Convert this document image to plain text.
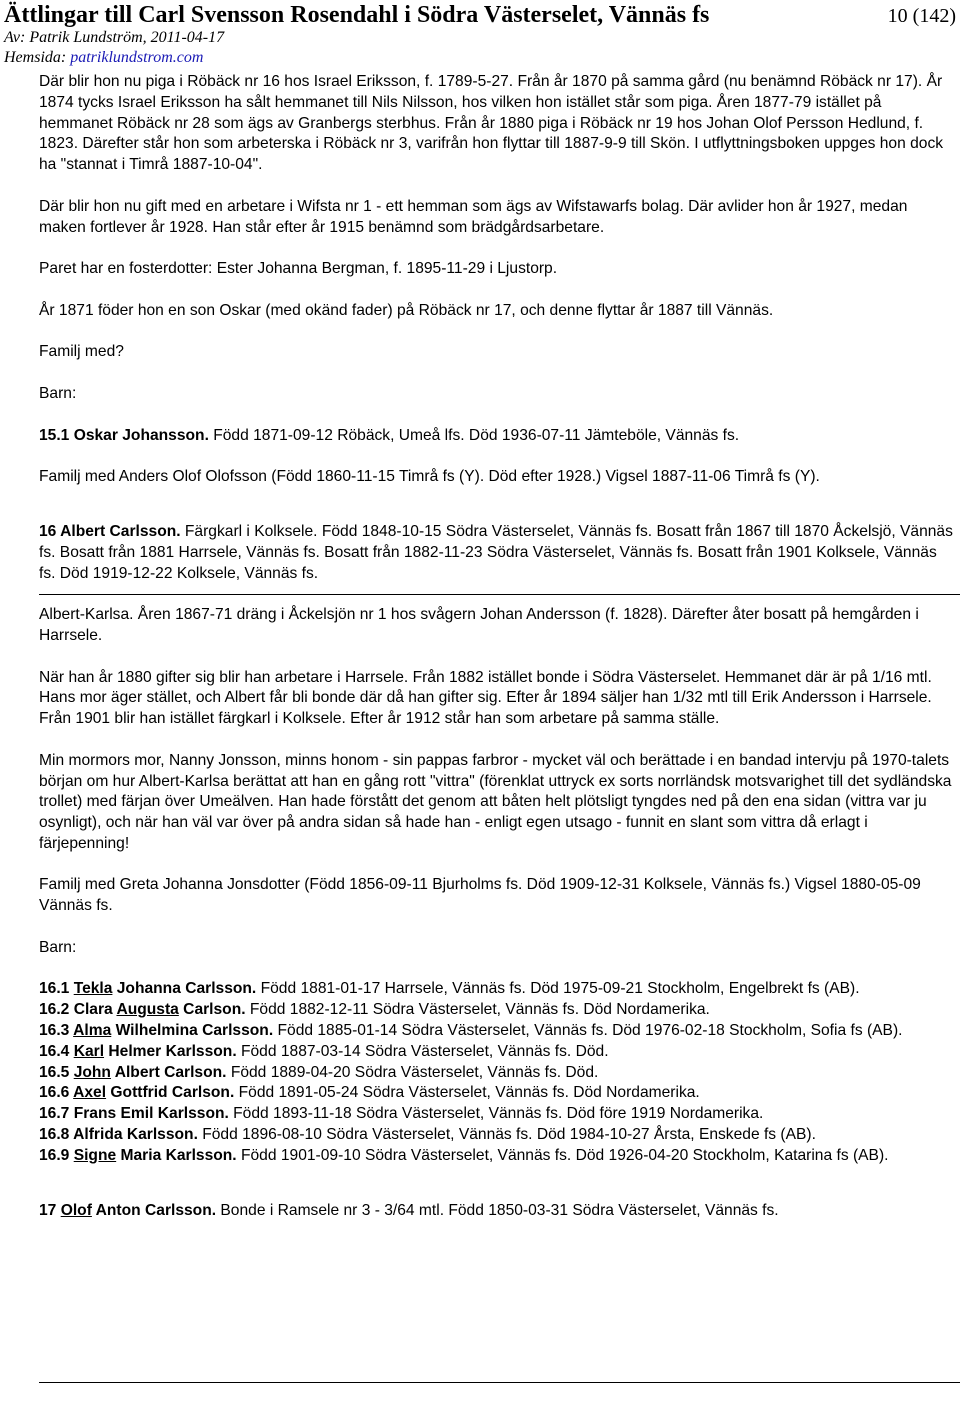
Ättlingar till Carl Svensson Rosendahl i Södra Västerselet, Vännäs fs	10 (142)
Av: Patrik Lundström, 2011-04-17
Hemsida: patriklundstrom.com

Där blir hon nu piga i Röbäck nr 16 hos Israel Eriksson, f. 1789-5-27. Från år 1870 på samma gård (nu benämnd Röbäck nr 17). År 1874 tycks Israel Eriksson ha sålt hemmanet till Nils Nilsson, hos vilken hon istället står som piga. Åren 1877-79 istället på hemmanet Röbäck nr 28 som ägs av Granbergs sterbhus. Från år 1880 piga i Röbäck nr 19 hos Johan Olof Persson Hedlund, f. 1823. Därefter står hon som arbeterska i Röbäck nr 3, varifrån hon flyttar till 1887-9-9 till Skön. I utflyttningsboken uppges hon dock ha "stannat i Timrå 1887-10-04".

Där blir hon nu gift med en arbetare i Wifsta nr 1 - ett hemman som ägs av Wifstawarfs bolag. Där avlider hon år 1927, medan maken fortlever år 1928. Han står efter år 1915 benämnd som brädgårdsarbetare.

Paret har en fosterdotter: Ester Johanna Bergman, f. 1895-11-29 i Ljustorp.

År 1871 föder hon en son Oskar (med okänd fader) på Röbäck nr 17, och denne flyttar år 1887 till Vännäs.

Familj med?

Barn:

15.1 Oskar Johansson. Född 1871-09-12 Röbäck, Umeå lfs. Död 1936-07-11 Jämteböle, Vännäs fs.

Familj med Anders Olof Olofsson (Född 1860-11-15 Timrå fs (Y). Död efter 1928.) Vigsel 1887-11-06 Timrå fs (Y).

16 Albert Carlsson. Färgkarl i Kolksele. Född 1848-10-15 Södra Västerselet, Vännäs fs. Bosatt från 1867 till 1870 Åckelsjö, Vännäs fs. Bosatt från 1881 Harrsele, Vännäs fs. Bosatt från 1882-11-23 Södra Västerselet, Vännäs fs. Bosatt från 1901 Kolksele, Vännäs fs. Död 1919-12-22 Kolksele, Vännäs fs.

Albert-Karlsa. Åren 1867-71 dräng i Åckelsjön nr 1 hos svågern Johan Andersson (f. 1828). Därefter åter bosatt på hemgården i Harrsele.

När han år 1880 gifter sig blir han arbetare i Harrsele. Från 1882 istället bonde i Södra Västerselet. Hemmanet där är på 1/16 mtl. Hans mor äger stället, och Albert får bli bonde där då han gifter sig. Efter år 1894 säljer han 1/32 mtl till Erik Andersson i Harrsele. Från 1901 blir han istället färgkarl i Kolksele. Efter år 1912 står han som arbetare på samma ställe.

Min mormors mor, Nanny Jonsson, minns honom - sin pappas farbror - mycket väl och berättade i en bandad intervju på 1970-talets början om hur Albert-Karlsa berättat att han en gång rott "vittra" (förenklat uttryck ex sorts norrländsk motsvarighet till det sydländska trollet) med färjan över Umeälven. Han hade förstått det genom att båten helt plötsligt tyngdes ned på den ena sidan (vittra var ju osynligt), och när han väl var över på andra sidan så hade han - enligt egen utsago - funnit en slant som vittra då erlagt i färjepenning!

Familj med Greta Johanna Jonsdotter (Född 1856-09-11 Bjurholms fs. Död 1909-12-31 Kolksele, Vännäs fs.) Vigsel 1880-05-09 Vännäs fs.

Barn:

16.1 Tekla Johanna Carlsson. Född 1881-01-17 Harrsele, Vännäs fs. Död 1975-09-21 Stockholm, Engelbrekt fs (AB).

16.2 Clara Augusta Carlson. Född 1882-12-11 Södra Västerselet, Vännäs fs. Död Nordamerika.

16.3 Alma Wilhelmina Carlsson. Född 1885-01-14 Södra Västerselet, Vännäs fs. Död 1976-02-18 Stockholm, Sofia fs (AB).

16.4 Karl Helmer Karlsson. Född 1887-03-14 Södra Västerselet, Vännäs fs. Död.

16.5 John Albert Carlson. Född 1889-04-20 Södra Västerselet, Vännäs fs. Död.

16.6 Axel Gottfrid Carlson. Född 1891-05-24 Södra Västerselet, Vännäs fs. Död Nordamerika.

16.7 Frans Emil Karlsson. Född 1893-11-18 Södra Västerselet, Vännäs fs. Död före 1919 Nordamerika.

16.8 Alfrida Karlsson. Född 1896-08-10 Södra Västerselet, Vännäs fs. Död 1984-10-27 Årsta, Enskede fs (AB).

16.9 Signe Maria Karlsson. Född 1901-09-10 Södra Västerselet, Vännäs fs. Död 1926-04-20 Stockholm, Katarina fs (AB).

17 Olof Anton Carlsson. Bonde i Ramsele nr 3 - 3/64 mtl. Född 1850-03-31 Södra Västerselet, Vännäs fs.
